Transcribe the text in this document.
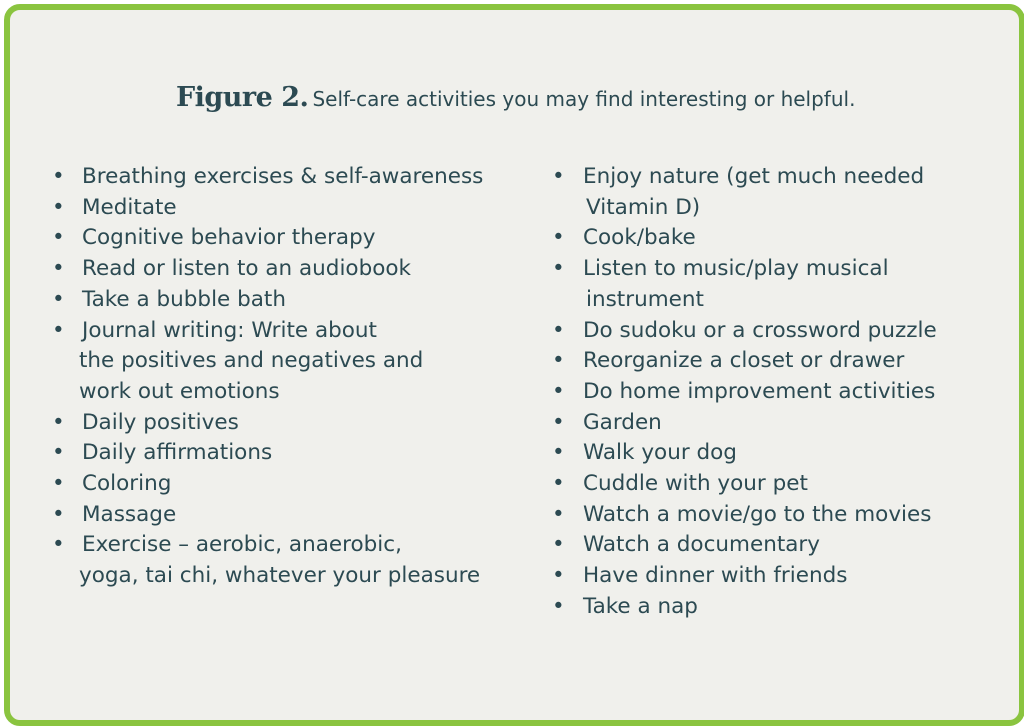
Figure 2. Self-care activities you may find interesting or helpful.
• Breathing exercises & self-awareness
• Meditate
• Cognitive behavior therapy
• Read or listen to an audiobook
• Take a bubble bath
• Journal writing: Write about
the positives and negatives and
work out emotions
• Daily positives
• Daily affirmations
• Coloring
• Massage
• Exercise – aerobic, anaerobic,
yoga, tai chi, whatever your pleasure
• Enjoy nature (get much needed
Vitamin D)
• Cook/bake
• Listen to music/play musical
instrument
• Do sudoku or a crossword puzzle
• Reorganize a closet or drawer
• Do home improvement activities
• Garden
• Walk your dog
• Cuddle with your pet
• Watch a movie/go to the movies
• Watch a documentary
• Have dinner with friends
• Take a nap
